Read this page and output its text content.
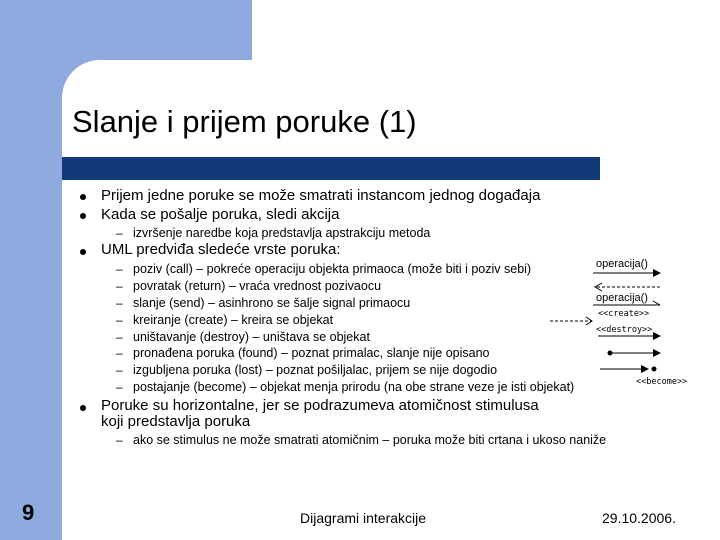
Slanje i prijem poruke (1)
Prijem jedne poruke se može smatrati instancom jednog događaja
Kada se pošalje poruka, sledi akcija
– izvršenje naredbe koja predstavlja apstrakciju metoda
UML predviđa sledeće vrste poruka:
– poziv (call) – pokreće operaciju objekta primaoca (može biti i poziv sebi)
– povratak (return) – vraća vrednost pozivaocu
– slanje (send) – asinhrono se šalje signal primaocu
– kreiranje (create) – kreira se objekat
– uništavanje (destroy) – uništava se objekat
– pronađena poruka (found) – poznat primalac, slanje nije opisano
– izgubljena poruka (lost) – poznat pošiljalac, prijem se nije dogodio
– postajanje (become) – objekat menja prirodu (na obe strane veze je isti objekat)
operacija()
operacija()
<<create>>
<<destroy>>
<<become>>
Poruke su horizontalne, jer se podrazumeva atomičnost stimulusa
koji predstavlja poruka
– ako se stimulus ne može smatrati atomičnim – poruka može biti crtana i ukoso naniže
9	Dijagrami interakcije	29.10.2006.
